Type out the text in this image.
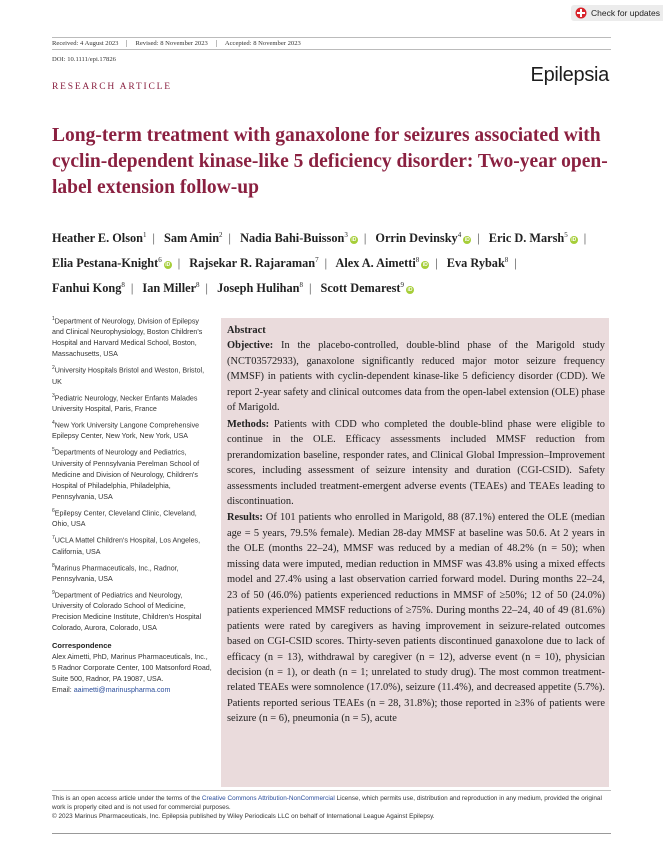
Check for updates
Received: 4 August 2023	Revised: 8 November 2023	Accepted: 8 November 2023
DOI: 10.1111/epi.17826
Epilepsia
RESEARCH ARTICLE
Long-term treatment with ganaxolone for seizures associated with cyclin-dependent kinase-like 5 deficiency disorder: Two-year open-label extension follow-up
Heather E. Olson$^1$ | Sam Amin$^2$ | Nadia Bahi-Buisson$^3$iD | Orrin Devinsky$^4$iD | Eric D. Marsh$^5$iD | Elia Pestana-Knight$^6$iD | Rajsekar R. Rajaraman$^7$ | Alex A. Aimetti$^8$iD | Eva Rybak$^8$ | Fanhui Kong$^8$ | Ian Miller$^8$ | Joseph Hulihan$^8$ | Scott Demarest$^9$iD
$^1$Department of Neurology, Division of Epilepsy and Clinical Neurophysiology, Boston Children's Hospital and Harvard Medical School, Boston, Massachusetts, USA
$^2$University Hospitals Bristol and Weston, Bristol, UK
$^3$Pediatric Neurology, Necker Enfants Malades University Hospital, Paris, France
$^4$New York University Langone Comprehensive Epilepsy Center, New York, New York, USA
$^5$Departments of Neurology and Pediatrics, University of Pennsylvania Perelman School of Medicine and Division of Neurology, Children's Hospital of Philadelphia, Philadelphia, Pennsylvania, USA
$^6$Epilepsy Center, Cleveland Clinic, Cleveland, Ohio, USA
$^7$UCLA Mattel Children's Hospital, Los Angeles, California, USA
$^8$Marinus Pharmaceuticals, Inc., Radnor, Pennsylvania, USA
$^9$Department of Pediatrics and Neurology, University of Colorado School of Medicine, Precision Medicine Institute, Children's Hospital Colorado, Aurora, Colorado, USA
Correspondence
Alex Aimetti, PhD, Marinus Pharmaceuticals, Inc., 5 Radnor Corporate Center, 100 Matsonford Road, Suite 500, Radnor, PA 19087, USA.
Email: aaimetti@marinuspharma.com
Abstract

Objective: In the placebo-controlled, double-blind phase of the Marigold study (NCT03572933), ganaxolone significantly reduced major motor seizure frequency (MMSF) in patients with cyclin-dependent kinase-like 5 deficiency disorder (CDD). We report 2-year safety and clinical outcomes data from the open-label extension (OLE) phase of Marigold.

Methods: Patients with CDD who completed the double-blind phase were eligible to continue in the OLE. Efficacy assessments included MMSF reduction from prerandomization baseline, responder rates, and Clinical Global Impression–Improvement scores, including assessment of seizure intensity and duration (CGI-CSID). Safety assessments included treatment-emergent adverse events (TEAEs) and TEAEs leading to discontinuation.

Results: Of 101 patients who enrolled in Marigold, 88 (87.1%) entered the OLE (median age = 5 years, 79.5% female). Median 28-day MMSF at baseline was 50.6. At 2 years in the OLE (months 22–24), MMSF was reduced by a median of 48.2% (n = 50); when missing data were imputed, median reduction in MMSF was 43.8% using a mixed effects model and 27.4% using a last observation carried forward model. During months 22–24, 23 of 50 (46.0%) patients experienced reductions in MMSF of ≥50%; 12 of 50 (24.0%) patients experienced MMSF reductions of ≥75%. During months 22–24, 40 of 49 (81.6%) patients were rated by caregivers as having improvement in seizure-related outcomes based on CGI-CSID scores. Thirty-seven patients discontinued ganaxolone due to lack of efficacy (n = 13), withdrawal by caregiver (n = 12), adverse event (n = 10), physician decision (n = 1), or death (n = 1; unrelated to study drug). The most common treatment-related TEAEs were somnolence (17.0%), seizure (11.4%), and decreased appetite (5.7%). Patients reported serious TEAEs (n = 28, 31.8%); those reported in ≥3% of patients were seizure (n = 6), pneumonia (n = 5), acute

This is an open access article under the terms of the Creative Commons Attribution-NonCommercial License, which permits use, distribution and reproduction in any medium, provided the original work is properly cited and is not used for commercial purposes.
© 2023 Marinus Pharmaceuticals, Inc. Epilepsia published by Wiley Periodicals LLC on behalf of International League Against Epilepsy.
